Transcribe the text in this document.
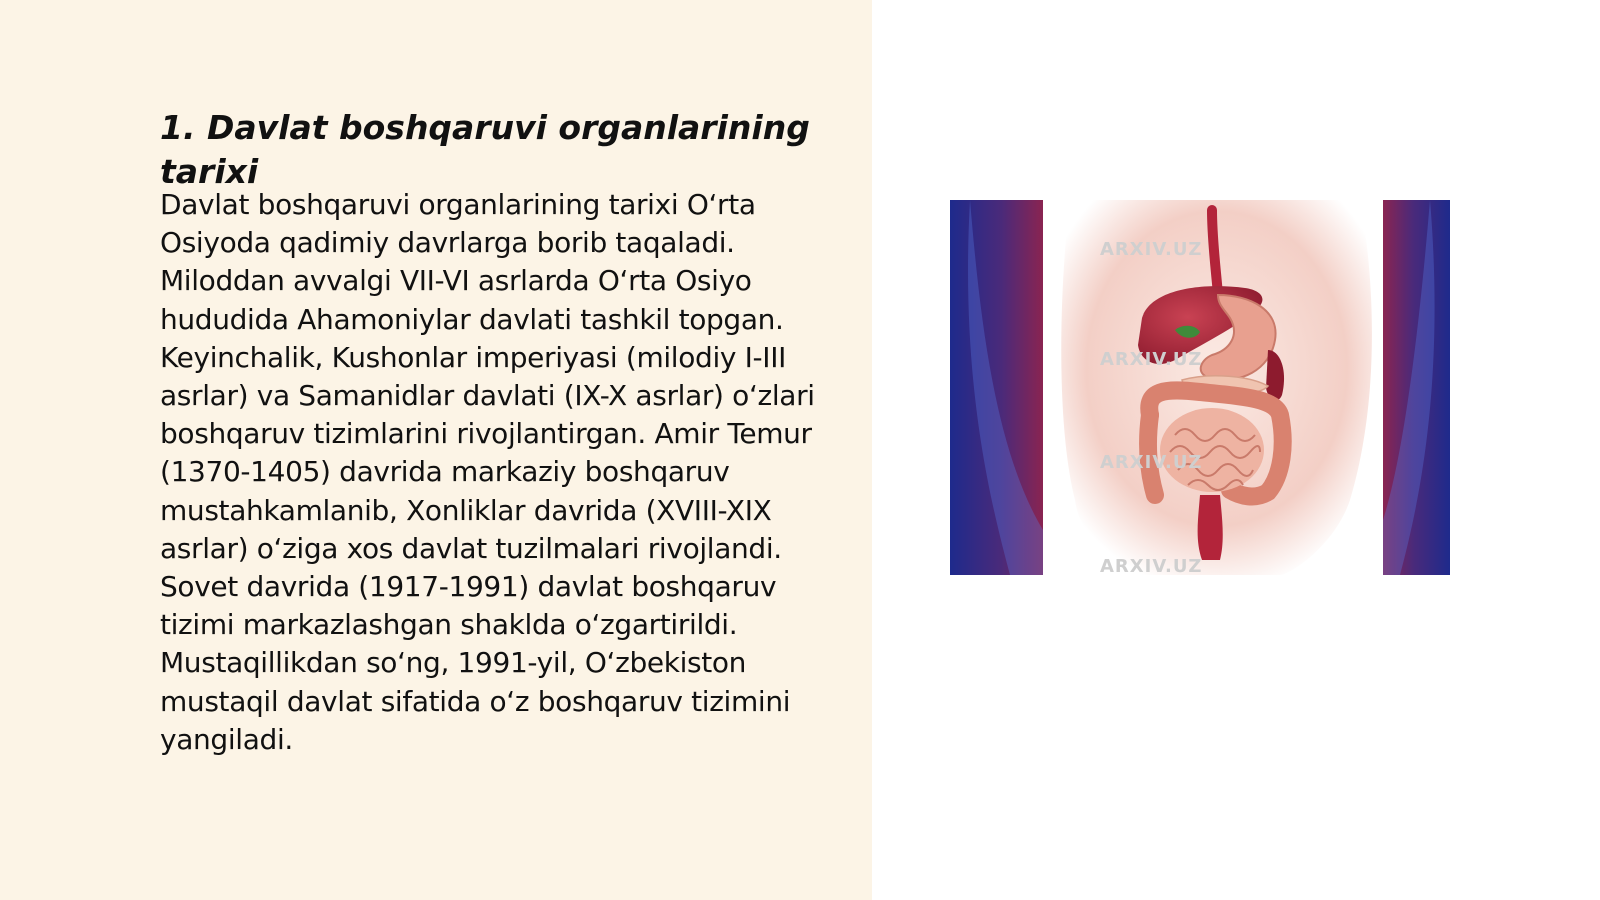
1. Davlat boshqaruvi organlarining tarixi

Davlat boshqaruvi organlarining tarixi O‘rta Osiyoda qadimiy davrlarga borib taqaladi. Miloddan avvalgi VII-VI asrlarda O‘rta Osiyo hududida Ahamoniylar davlati tashkil topgan. Keyinchalik, Kushonlar imperiyasi (milodiy I-III asrlar) va Samanidlar davlati (IX-X asrlar) o‘zlari boshqaruv tizimlarini rivojlantirgan. Amir Temur (1370-1405) davrida markaziy boshqaruv mustahkamlanib, Xonliklar davrida (XVIII-XIX asrlar) o‘ziga xos davlat tuzilmalari rivojlandi. Sovet davrida (1917-1991) davlat boshqaruv tizimi markazlashgan shaklda o‘zgartirildi. Mustaqillikdan so‘ng, 1991-yil, O‘zbekiston mustaqil davlat sifatida o‘z boshqaruv tizimini yangiladi.

ARXIV.UZ
ARXIV.UZ
ARXIV.UZ
ARXIV.UZ
